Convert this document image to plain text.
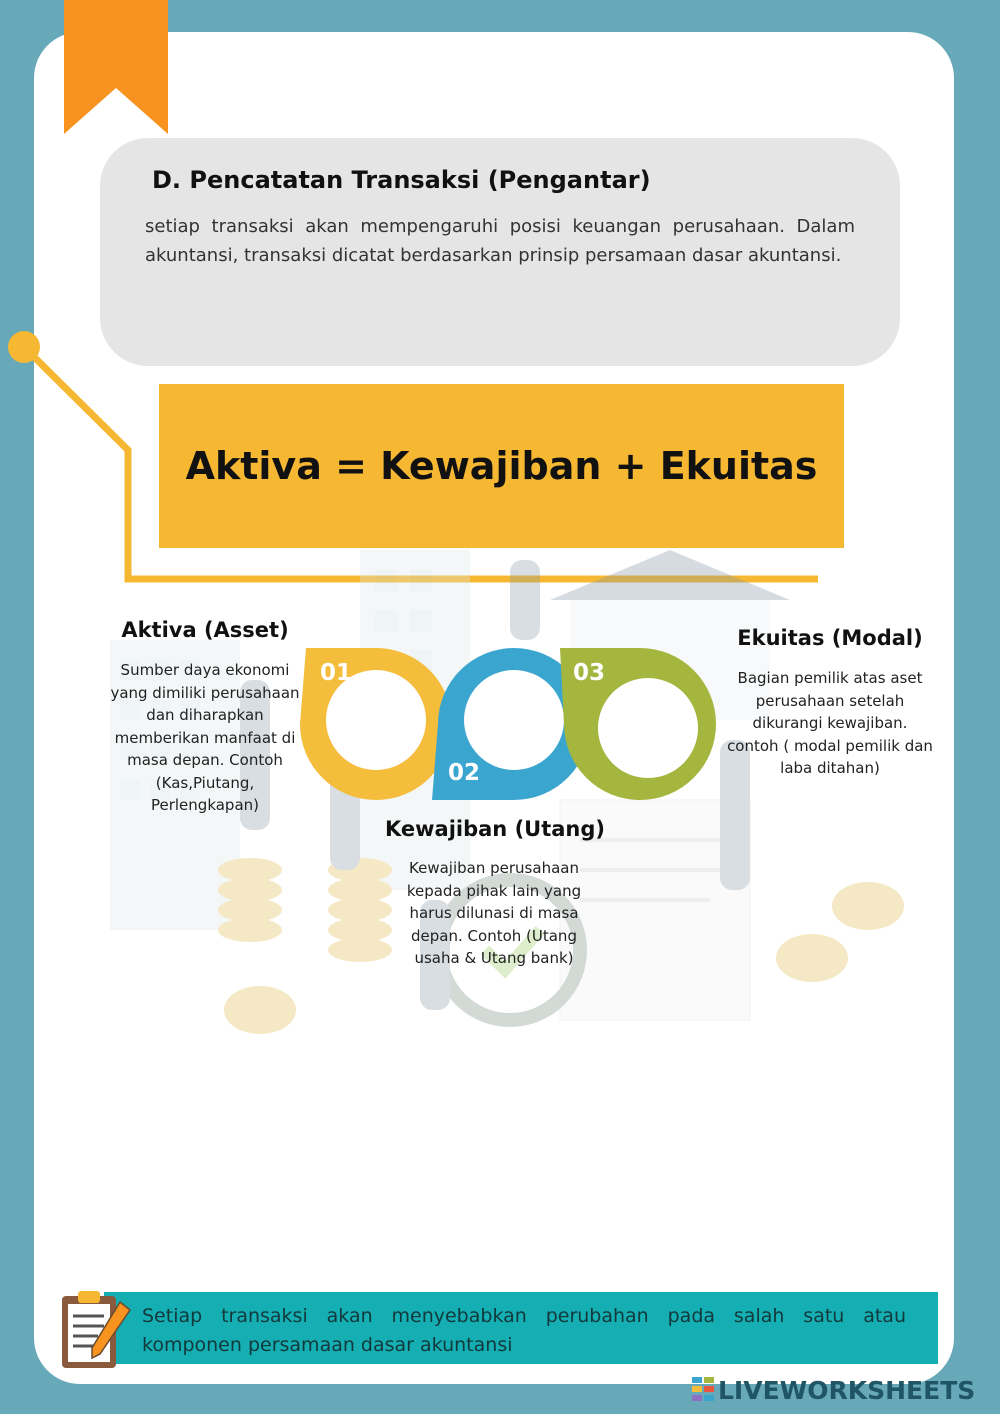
D. Pencatatan Transaksi (Pengantar)

setiap transaksi akan mempengaruhi posisi keuangan perusahaan. Dalam akuntansi, transaksi dicatat berdasarkan prinsip persamaan dasar akuntansi.

Aktiva = Kewajiban + Ekuitas
01
02
03
Aktiva (Asset)

Sumber daya ekonomi yang dimiliki perusahaan dan diharapkan memberikan manfaat di masa depan. Contoh (Kas,Piutang, Perlengkapan)

Kewajiban (Utang)

Kewajiban perusahaan kepada pihak lain yang harus dilunasi di masa depan. Contoh (Utang usaha & Utang bank)

Ekuitas (Modal)

Bagian pemilik atas aset perusahaan setelah dikurangi kewajiban. contoh ( modal pemilik dan laba ditahan)

Setiap transaksi akan menyebabkan perubahan pada salah satu atau komponen persamaan dasar akuntansi

LIVEWORKSHEETS
